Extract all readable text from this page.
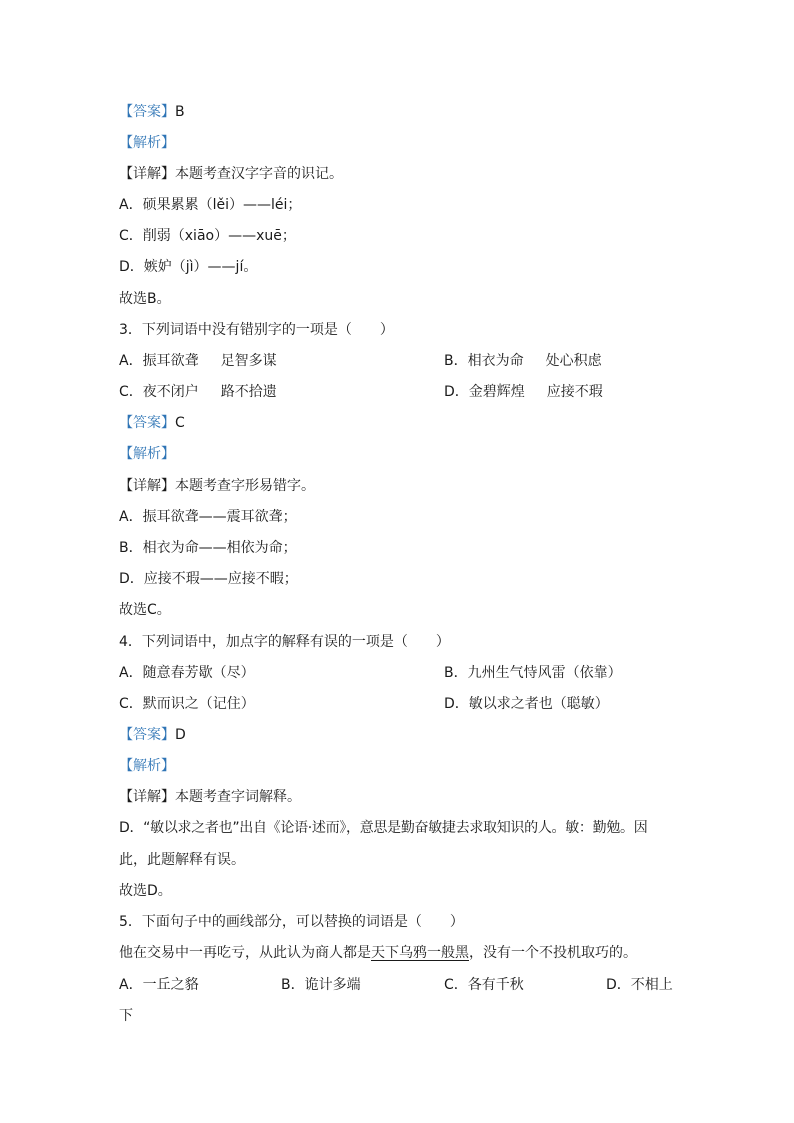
【答案】B
【解析】
【详解】本题考查汉字字音的识记。
A．硕果累累（lěi）——léi；
C．削弱（xiāo）——xuē；
D．嫉妒（jì）——jí。
故选B。
3．下列词语中没有错别字的一项是（　　）
A．振耳欲聋 足智多谋	B．相衣为命 处心积虑
C．夜不闭户 路不拾遗	D．金碧辉煌 应接不瑕
【答案】C
【解析】
【详解】本题考查字形易错字。
A．振耳欲聋——震耳欲聋；
B．相衣为命——相依为命；
D．应接不瑕——应接不暇；
故选C。
4．下列词语中，加点字的解释有误的一项是（　　）
A．随意春芳歇（尽）	B．九州生气恃风雷（依靠）
C．默而识之（记住）	D．敏以求之者也（聪敏）
【答案】D
【解析】
【详解】本题考查字词解释。
D．“敏以求之者也”出自《论语·述而》，意思是勤奋敏捷去求取知识的人。敏：勤勉。因
此，此题解释有误。
故选D。
5．下面句子中的画线部分，可以替换的词语是（　　）
他在交易中一再吃亏，从此认为商人都是天下乌鸦一般黑，没有一个不投机取巧的。
A．一丘之貉	B．诡计多端	C．各有千秋	D．不相上
下
